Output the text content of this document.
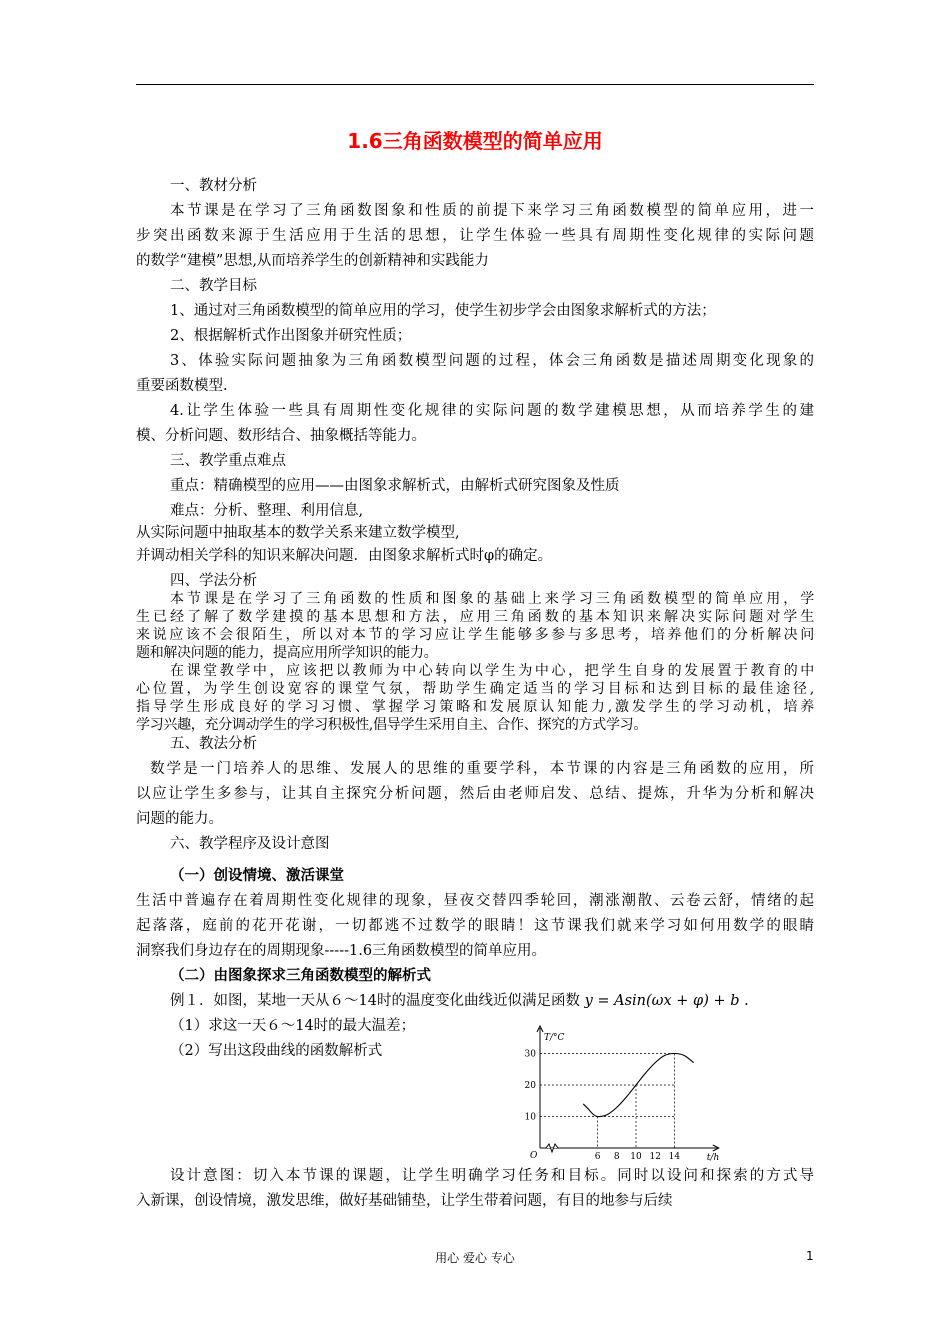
1.6三角函数模型的简单应用
一、教材分析
本节课是在学习了三角函数图象和性质的前提下来学习三角函数模型的简单应用，进一
步突出函数来源于生活应用于生活的思想，让学生体验一些具有周期性变化规律的实际问题
的数学“建模”思想,从而培养学生的创新精神和实践能力
二、教学目标
1、通过对三角函数模型的简单应用的学习，使学生初步学会由图象求解析式的方法；
2、根据解析式作出图象并研究性质；
3、体验实际问题抽象为三角函数模型问题的过程，体会三角函数是描述周期变化现象的
重要函数模型.
4.让学生体验一些具有周期性变化规律的实际问题的数学建模思想，从而培养学生的建
模、分析问题、数形结合、抽象概括等能力。
三、教学重点难点
重点：精确模型的应用——由图象求解析式，由解析式研究图象及性质
难点：分析、整理、利用信息,
从实际问题中抽取基本的数学关系来建立数学模型,
并调动相关学科的知识来解决问题．由图象求解析式时φ的确定。
四、学法分析
本节课是在学习了三角函数的性质和图象的基础上来学习三角函数模型的简单应用，学
生已经了解了数学建摸的基本思想和方法，应用三角函数的基本知识来解决实际问题对学生
来说应该不会很陌生，所以对本节的学习应让学生能够多参与多思考，培养他们的分析解决问
题和解决问题的能力，提高应用所学知识的能力。
在课堂教学中，应该把以教师为中心转向以学生为中心，把学生自身的发展置于教育的中
心位置，为学生创设宽容的课堂气氛，帮助学生确定适当的学习目标和达到目标的最佳途径,
指导学生形成良好的学习习惯、掌握学习策略和发展原认知能力,激发学生的学习动机，培养
学习兴趣，充分调动学生的学习积极性,倡导学生采用自主、合作、探究的方式学习。
五、教法分析
数学是一门培养人的思维、发展人的思维的重要学科，本节课的内容是三角函数的应用，所
以应让学生多参与，让其自主探究分析问题，然后由老师启发、总结、提炼，升华为分析和解决
问题的能力。
六、教学程序及设计意图
（一）创设情境、激活课堂
生活中普遍存在着周期性变化规律的现象，昼夜交替四季轮回，潮涨潮散、云卷云舒，情绪的起
起落落，庭前的花开花谢，一切都逃不过数学的眼睛！这节课我们就来学习如何用数学的眼睛
洞察我们身边存在的周期现象-----1.6三角函数模型的简单应用。
（二）由图象探求三角函数模型的解析式
例１．如图，某地一天从６～14时的温度变化曲线近似满足函数 y = Asin(ωx + φ) + b .
（1）求这一天６～14时的最大温差；
（2）写出这段曲线的函数解析式
10
20
30
6 8 10 12 14
T/°C
t/h
O
设计意图：切入本节课的课题，让学生明确学习任务和目标。同时以设问和探索的方式导
入新课，创设情境，激发思维，做好基础铺垫，让学生带着问题，有目的地参与后续
用心 爱心 专心	1
